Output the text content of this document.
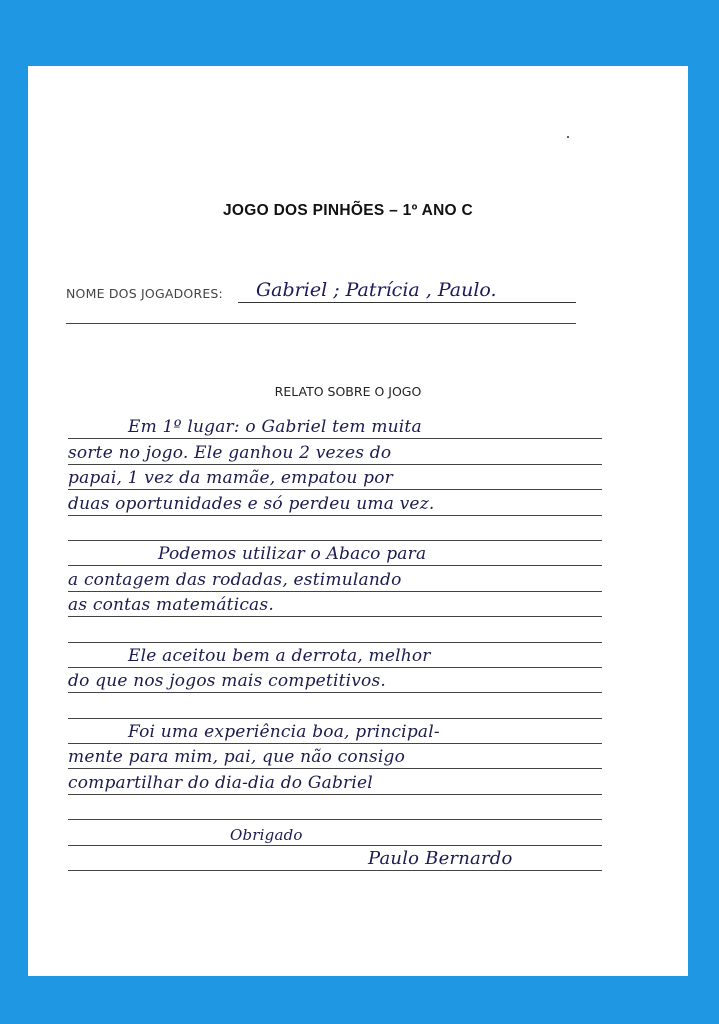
JOGO DOS PINHÕES – 1º ANO C
NOME DOS JOGADORES: Gabriel ; Patrícia , Paulo.
RELATO SOBRE O JOGO
Em 1º lugar: o Gabriel tem muita
sorte no jogo. Ele ganhou 2 vezes do
papai, 1 vez da mamãe, empatou por
duas oportunidades e só perdeu uma vez.
Podemos utilizar o Abaco para
a contagem das rodadas, estimulando
as contas matemáticas.
Ele aceitou bem a derrota, melhor
do que nos jogos mais competitivos.
Foi uma experiência boa, principal-
mente para mim, pai, que não consigo
compartilhar do dia-dia do Gabriel
Obrigado
Paulo Bernardo
